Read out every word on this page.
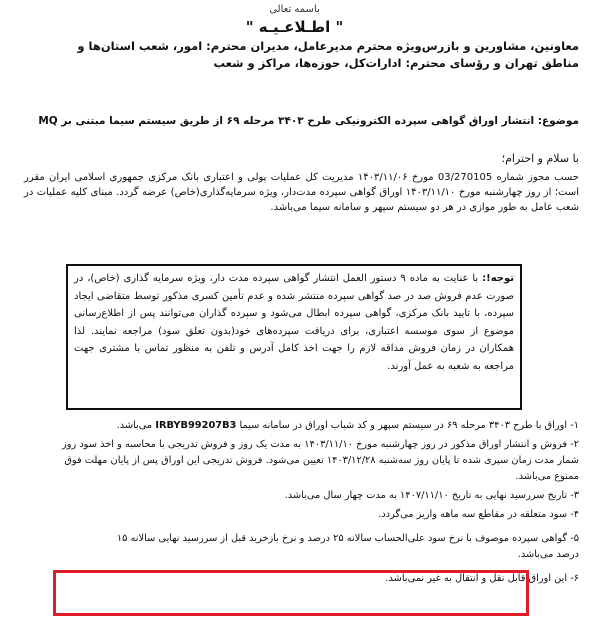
باسمه تعالی
" اطـلاعـیـه "
معاونین، مشاورین و بازرس‌ویژه محترم مدیرعامل، مدیران محترم: امور، شعب استان‌ها و
مناطق تهران و رؤسای محترم: ادارات‌کل، حوزه‌ها، مراکز و شعب
موضوع: انتشار اوراق گواهی سپرده الکترونیکی طرح ۳۴۰۳ مرحله ۶۹ از طریق سیستم سیما مبتنی بر MQ
با سلام و احترام؛
حسب مجوز شماره 03/270105 مورخ ۱۴۰۳/۱۱/۰۶ مدیریت کل عملیات پولی و اعتباری بانک مرکزی جمهوری اسلامی ایران مقرر است؛ از روز چهارشنبه مورخ ۱۴۰۳/۱۱/۱۰ اوراق گواهی سپرده مدت‌دار، ویژه سرمایه‌گذاری(خاص) عرضه گردد. مبنای کلیه عملیات در شعب عامل به طور موازی در هر دو سیستم سپهر و سامانه سیما می‌باشد.
توجه!: با عنایت به ماده ۹ دستور العمل انتشار گواهی سپرده مدت دار، ویژه سرمایه گذاری (خاص)، در صورت عدم فروش صد در صد گواهی سپرده منتشر شده و عدم تأمین کسری مذکور توسط متقاضی ایجاد سپرده، با تایید بانک مرکزی، گواهی سپرده ابطال می‌شود و سپرده گذاران می‌توانند پس از اطلاع‌رسانی موضوع از سوی موسسه اعتباری، برای دریافت سپرده‌های خود(بدون تعلق سود) مراجعه نمایند. لذا همکاران در زمان فروش مداقه لازم را جهت اخذ کامل آدرس و تلفن به منظور تماس با مشتری جهت مراجعه به شعبه به عمل آورند.
۱- اوراق با طرح ۳۴۰۳ مرحله ۶۹ در سیستم سپهر و کد شباب اوراق در سامانه سیما IRBYB99207B3 می‌باشد.
۲- فروش و انتشار اوراق مذکور در روز چهارشنبه مورخ ۱۴۰۳/۱۱/۱۰ به مدت یک روز و فروش تدریجی با محاسبه و اخذ سود روز شمار مدت زمان سپری شده تا پایان روز سه‌شنبه ۱۴۰۳/۱۲/۲۸ تعیین می‌شود. فروش تدریجی این اوراق پس از پایان مهلت فوق ممنوع می‌باشد.
۳- تاریخ سررسید نهایی به تاریخ ۱۴۰۷/۱۱/۱۰ به مدت چهار سال می‌باشد.
۴- سود متعلقه در مقاطع سه ماهه واریز می‌گردد.
۵- گواهی سپرده موصوف با نرخ سود علی‌الحساب سالانه ۲۵ درصد و نرخ بازخرید قبل از سررسید نهایی سالانه ۱۵ درصد می‌باشد.
۶- این اوراق قابل نقل و انتقال به غیر نمی‌باشد.
